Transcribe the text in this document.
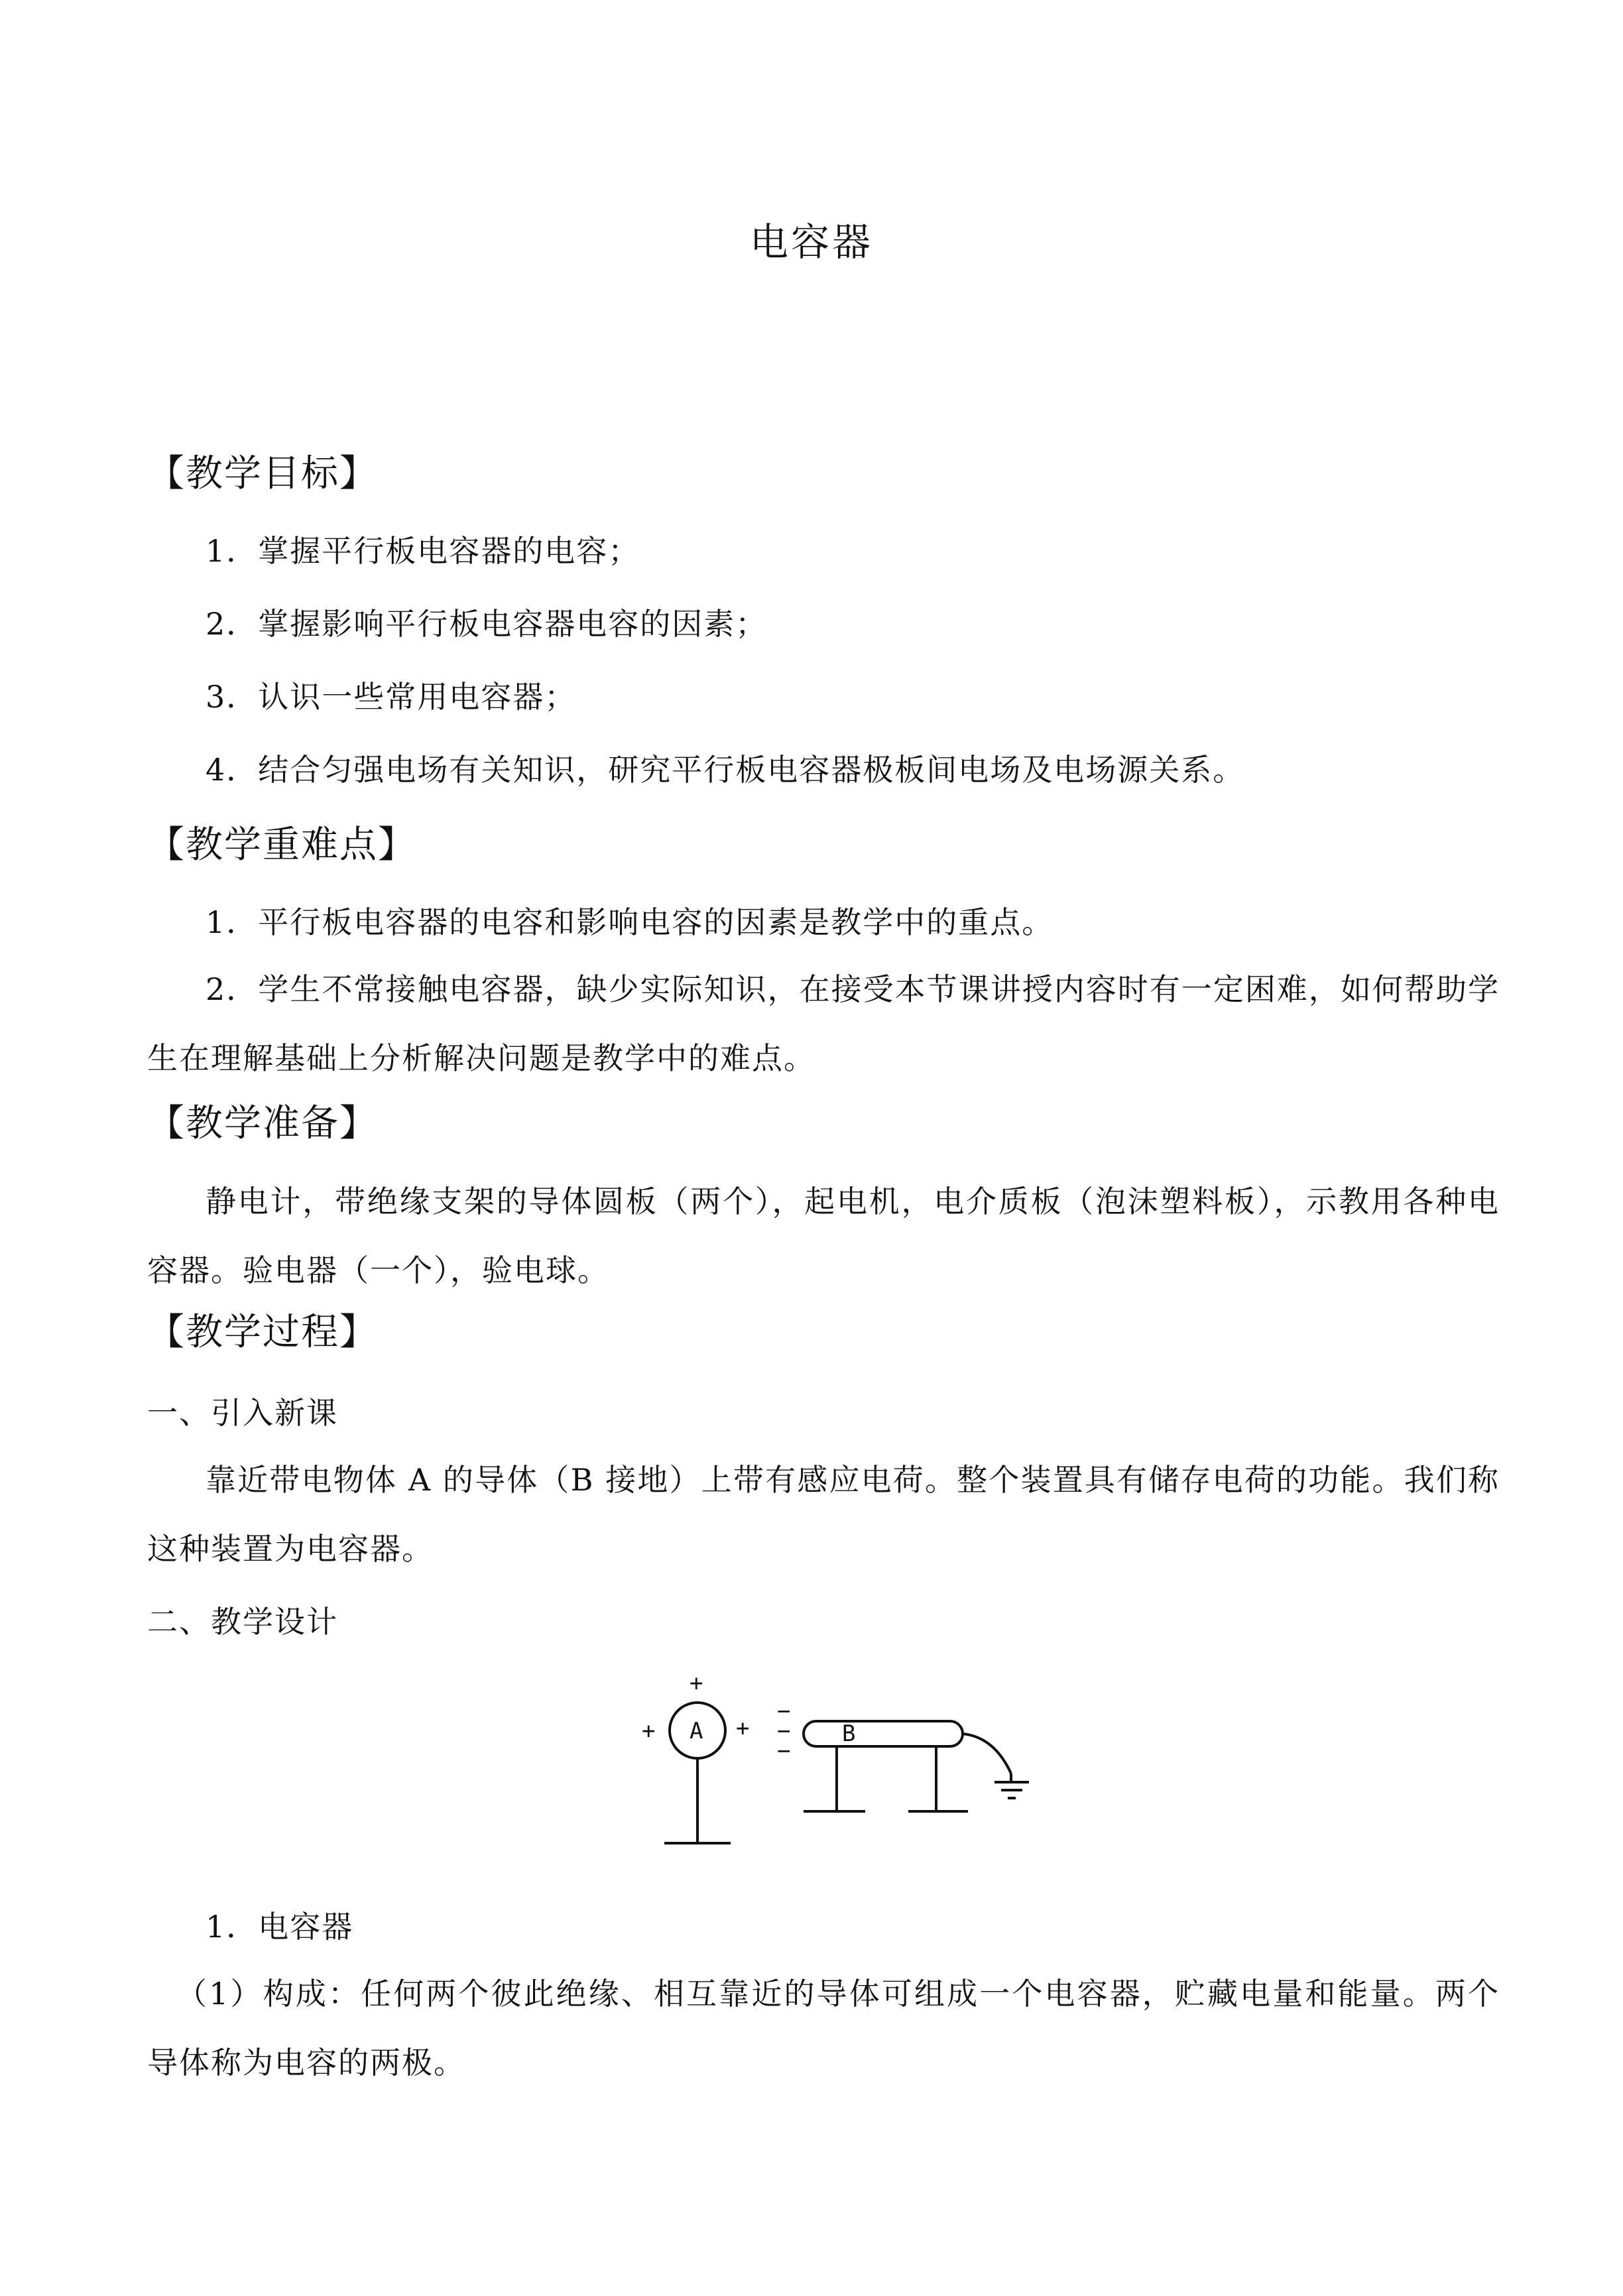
电容器
【教学目标】
1．掌握平行板电容器的电容；
2．掌握影响平行板电容器电容的因素；
3．认识一些常用电容器；
4．结合匀强电场有关知识，研究平行板电容器极板间电场及电场源关系。
【教学重难点】
1．平行板电容器的电容和影响电容的因素是教学中的重点。
2．学生不常接触电容器，缺少实际知识，在接受本节课讲授内容时有一定困难，如何帮助学生在理解基础上分析解决问题是教学中的难点。
【教学准备】
静电计，带绝缘支架的导体圆板（两个），起电机，电介质板（泡沫塑料板），示教用各种电容器。验电器（一个），验电球。
【教学过程】
一、引入新课
靠近带电物体 A 的导体（B 接地）上带有感应电荷。整个装置具有储存电荷的功能。我们称这种装置为电容器。
二、教学设计
A	B
+
+	+
−
−
−
1．电容器
（1）构成：任何两个彼此绝缘、相互靠近的导体可组成一个电容器，贮藏电量和能量。两个导体称为电容的两极。
